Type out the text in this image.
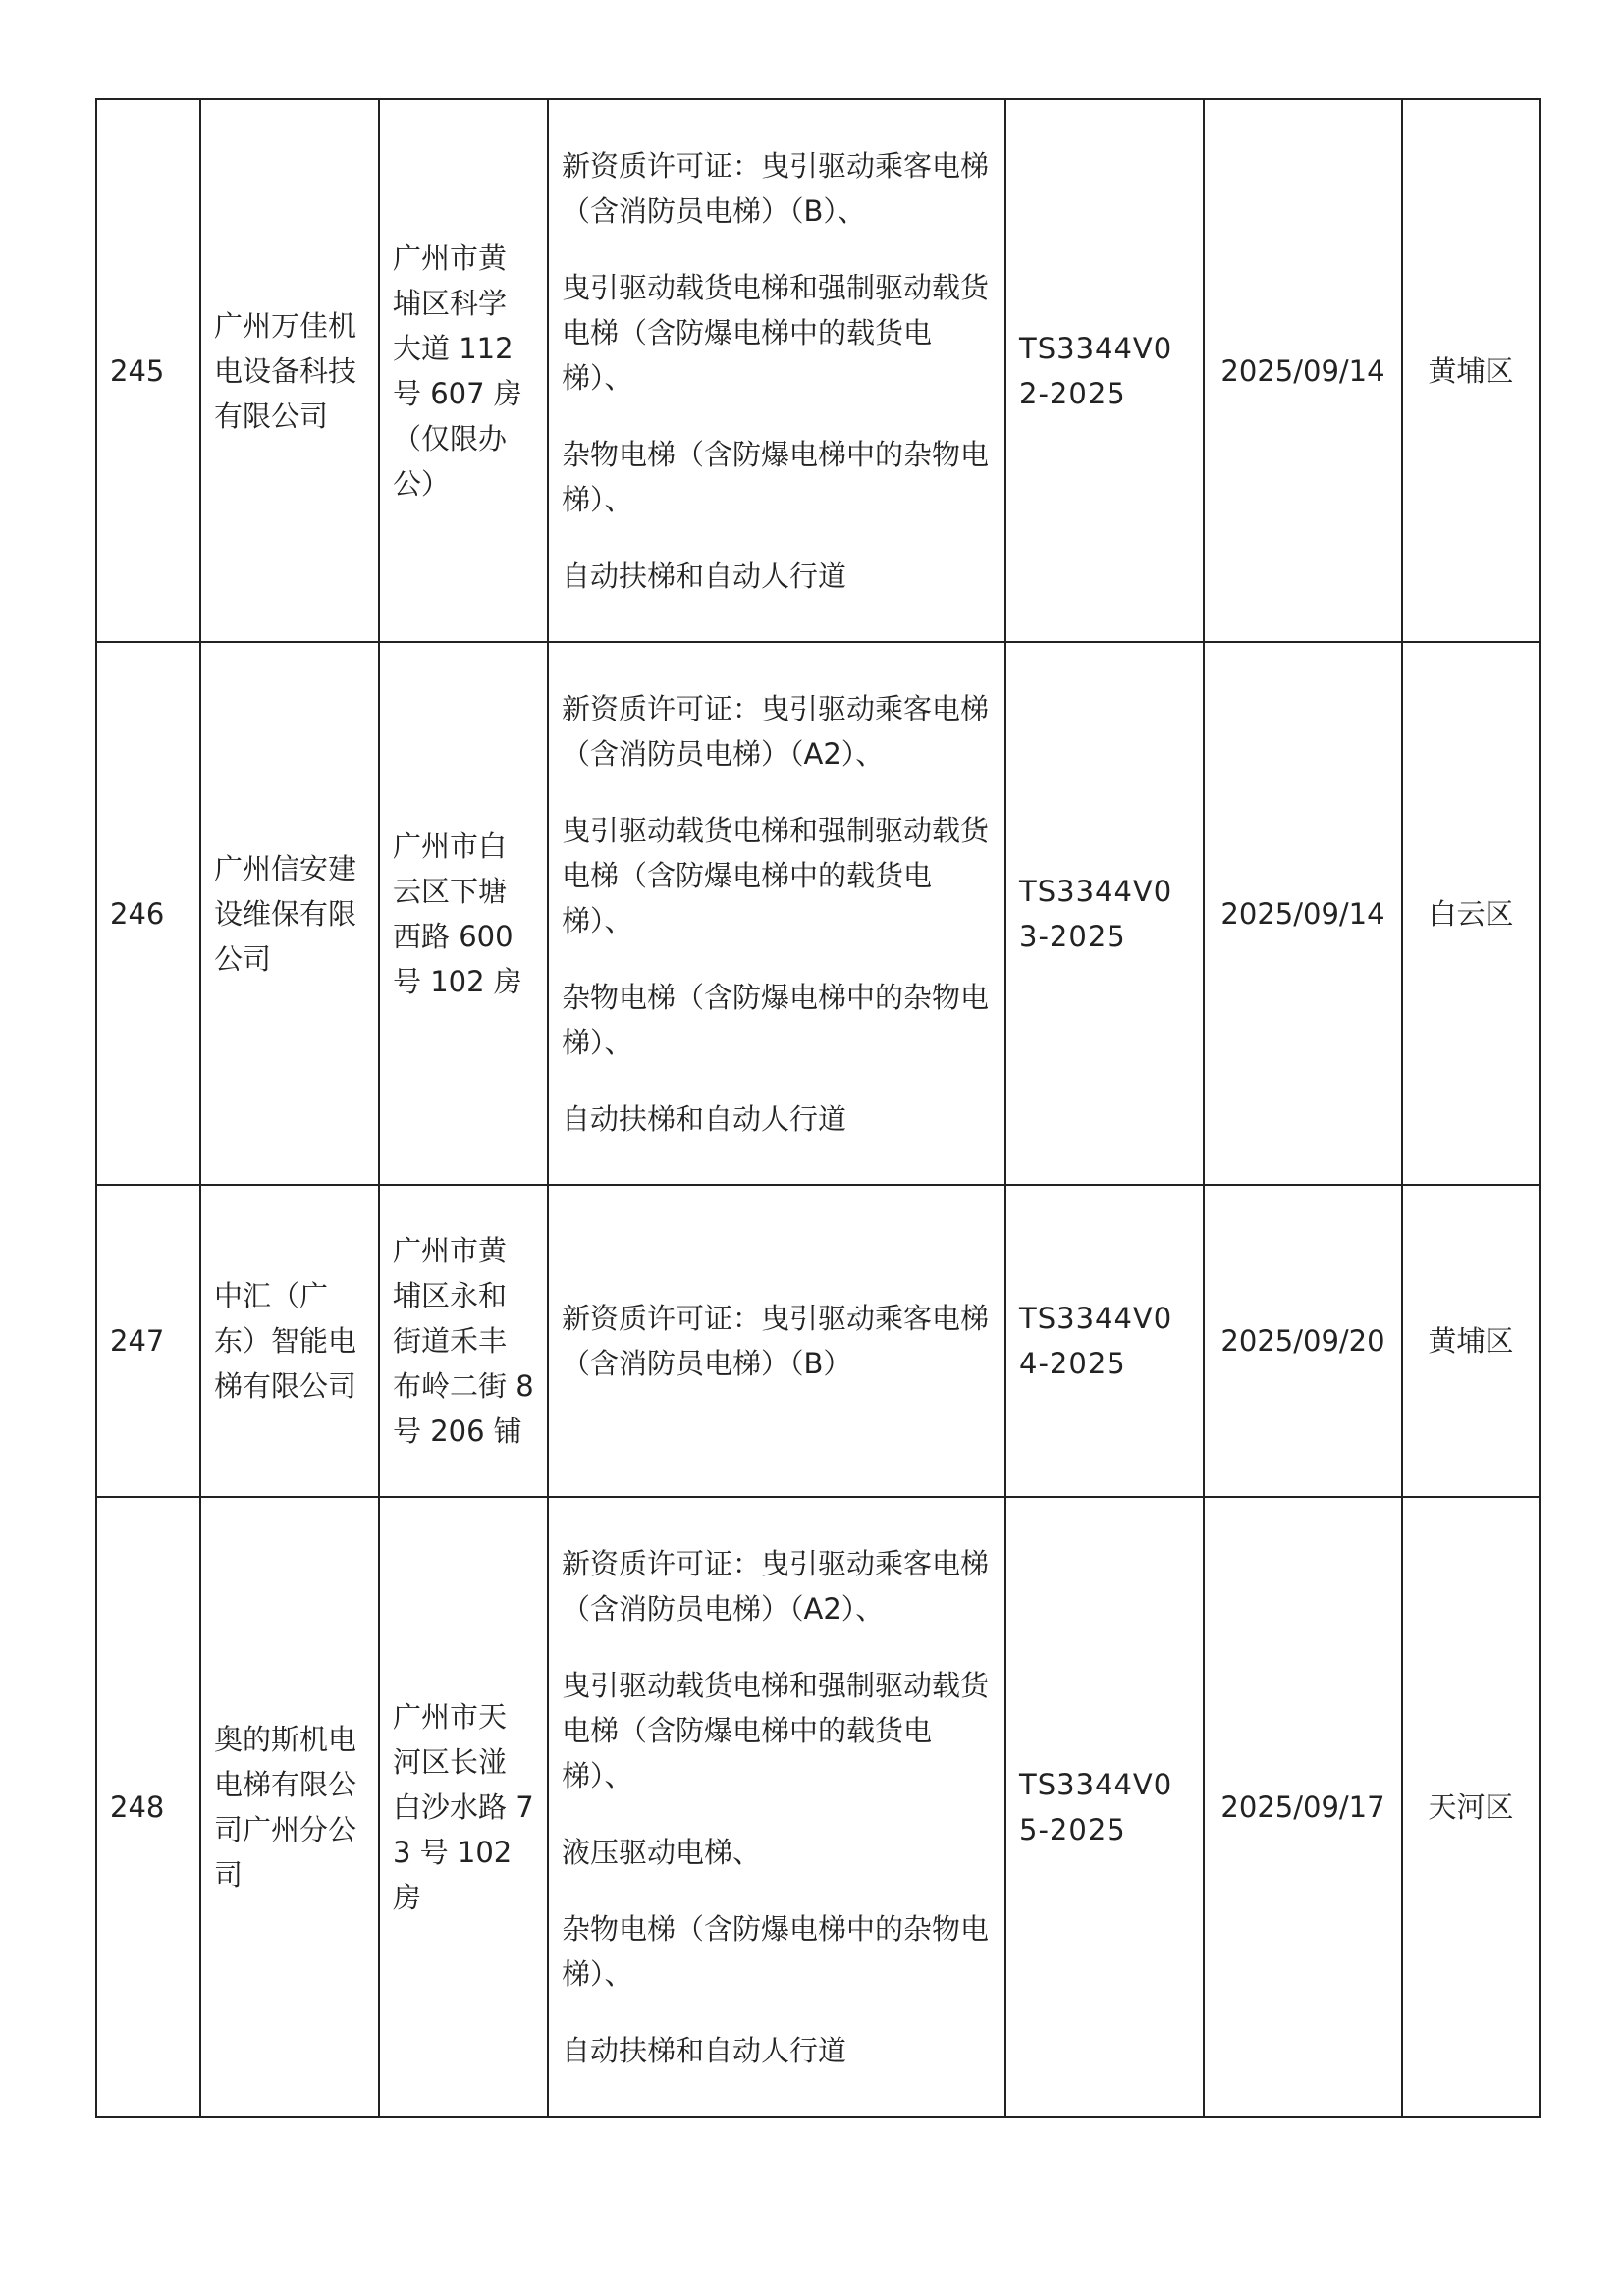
245	广州万佳机电设备科技有限公司	广州市黄埔区科学大道 112 号 607 房（仅限办公）	新资质许可证：曳引驱动乘客电梯（含消防员电梯）（B）、

曳引驱动载货电梯和强制驱动载货电梯（含防爆电梯中的载货电梯）、

杂物电梯（含防爆电梯中的杂物电梯）、

自动扶梯和自动人行道	TS3344V02-2025	2025/09/14	黄埔区
246	广州信安建设维保有限公司	广州市白云区下塘西路 600 号 102 房	新资质许可证：曳引驱动乘客电梯（含消防员电梯）（A2）、

曳引驱动载货电梯和强制驱动载货电梯（含防爆电梯中的载货电梯）、

杂物电梯（含防爆电梯中的杂物电梯）、

自动扶梯和自动人行道	TS3344V03-2025	2025/09/14	白云区
247	中汇（广东）智能电梯有限公司	广州市黄埔区永和街道禾丰布岭二街 8 号 206 铺	新资质许可证：曳引驱动乘客电梯（含消防员电梯）（B）	TS3344V04-2025	2025/09/20	黄埔区
248	奥的斯机电电梯有限公司广州分公司	广州市天河区长湴白沙水路 73 号 102 房	新资质许可证：曳引驱动乘客电梯（含消防员电梯）（A2）、

曳引驱动载货电梯和强制驱动载货电梯（含防爆电梯中的载货电梯）、

液压驱动电梯、

杂物电梯（含防爆电梯中的杂物电梯）、

自动扶梯和自动人行道	TS3344V05-2025	2025/09/17	天河区
